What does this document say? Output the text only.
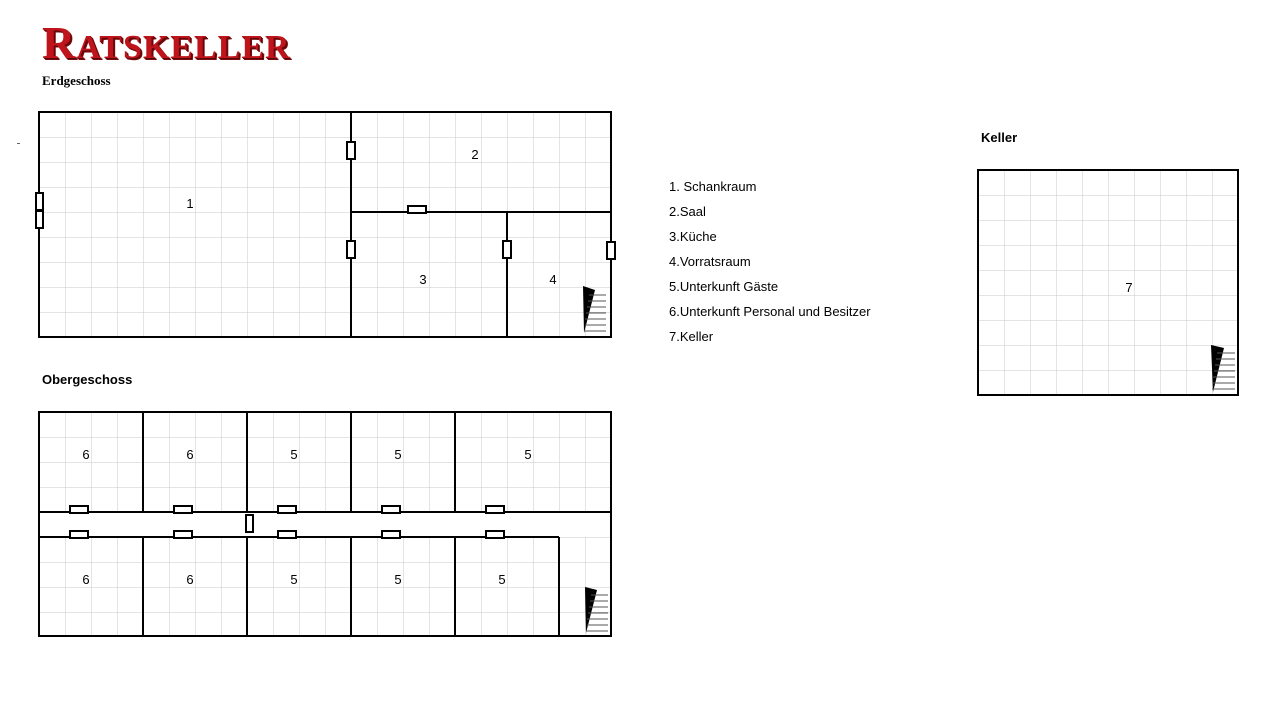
RATSKELLER
Erdgeschoss
Obergeschoss
Keller
1. Schankraum
2.Saal
3.Küche
4.Vorratsraum
5.Unterkunft Gäste
6.Unterkunft Personal und Besitzer
7.Keller
1
2
3	4
6	6	5	5	5
6	6	5	5	5
7
